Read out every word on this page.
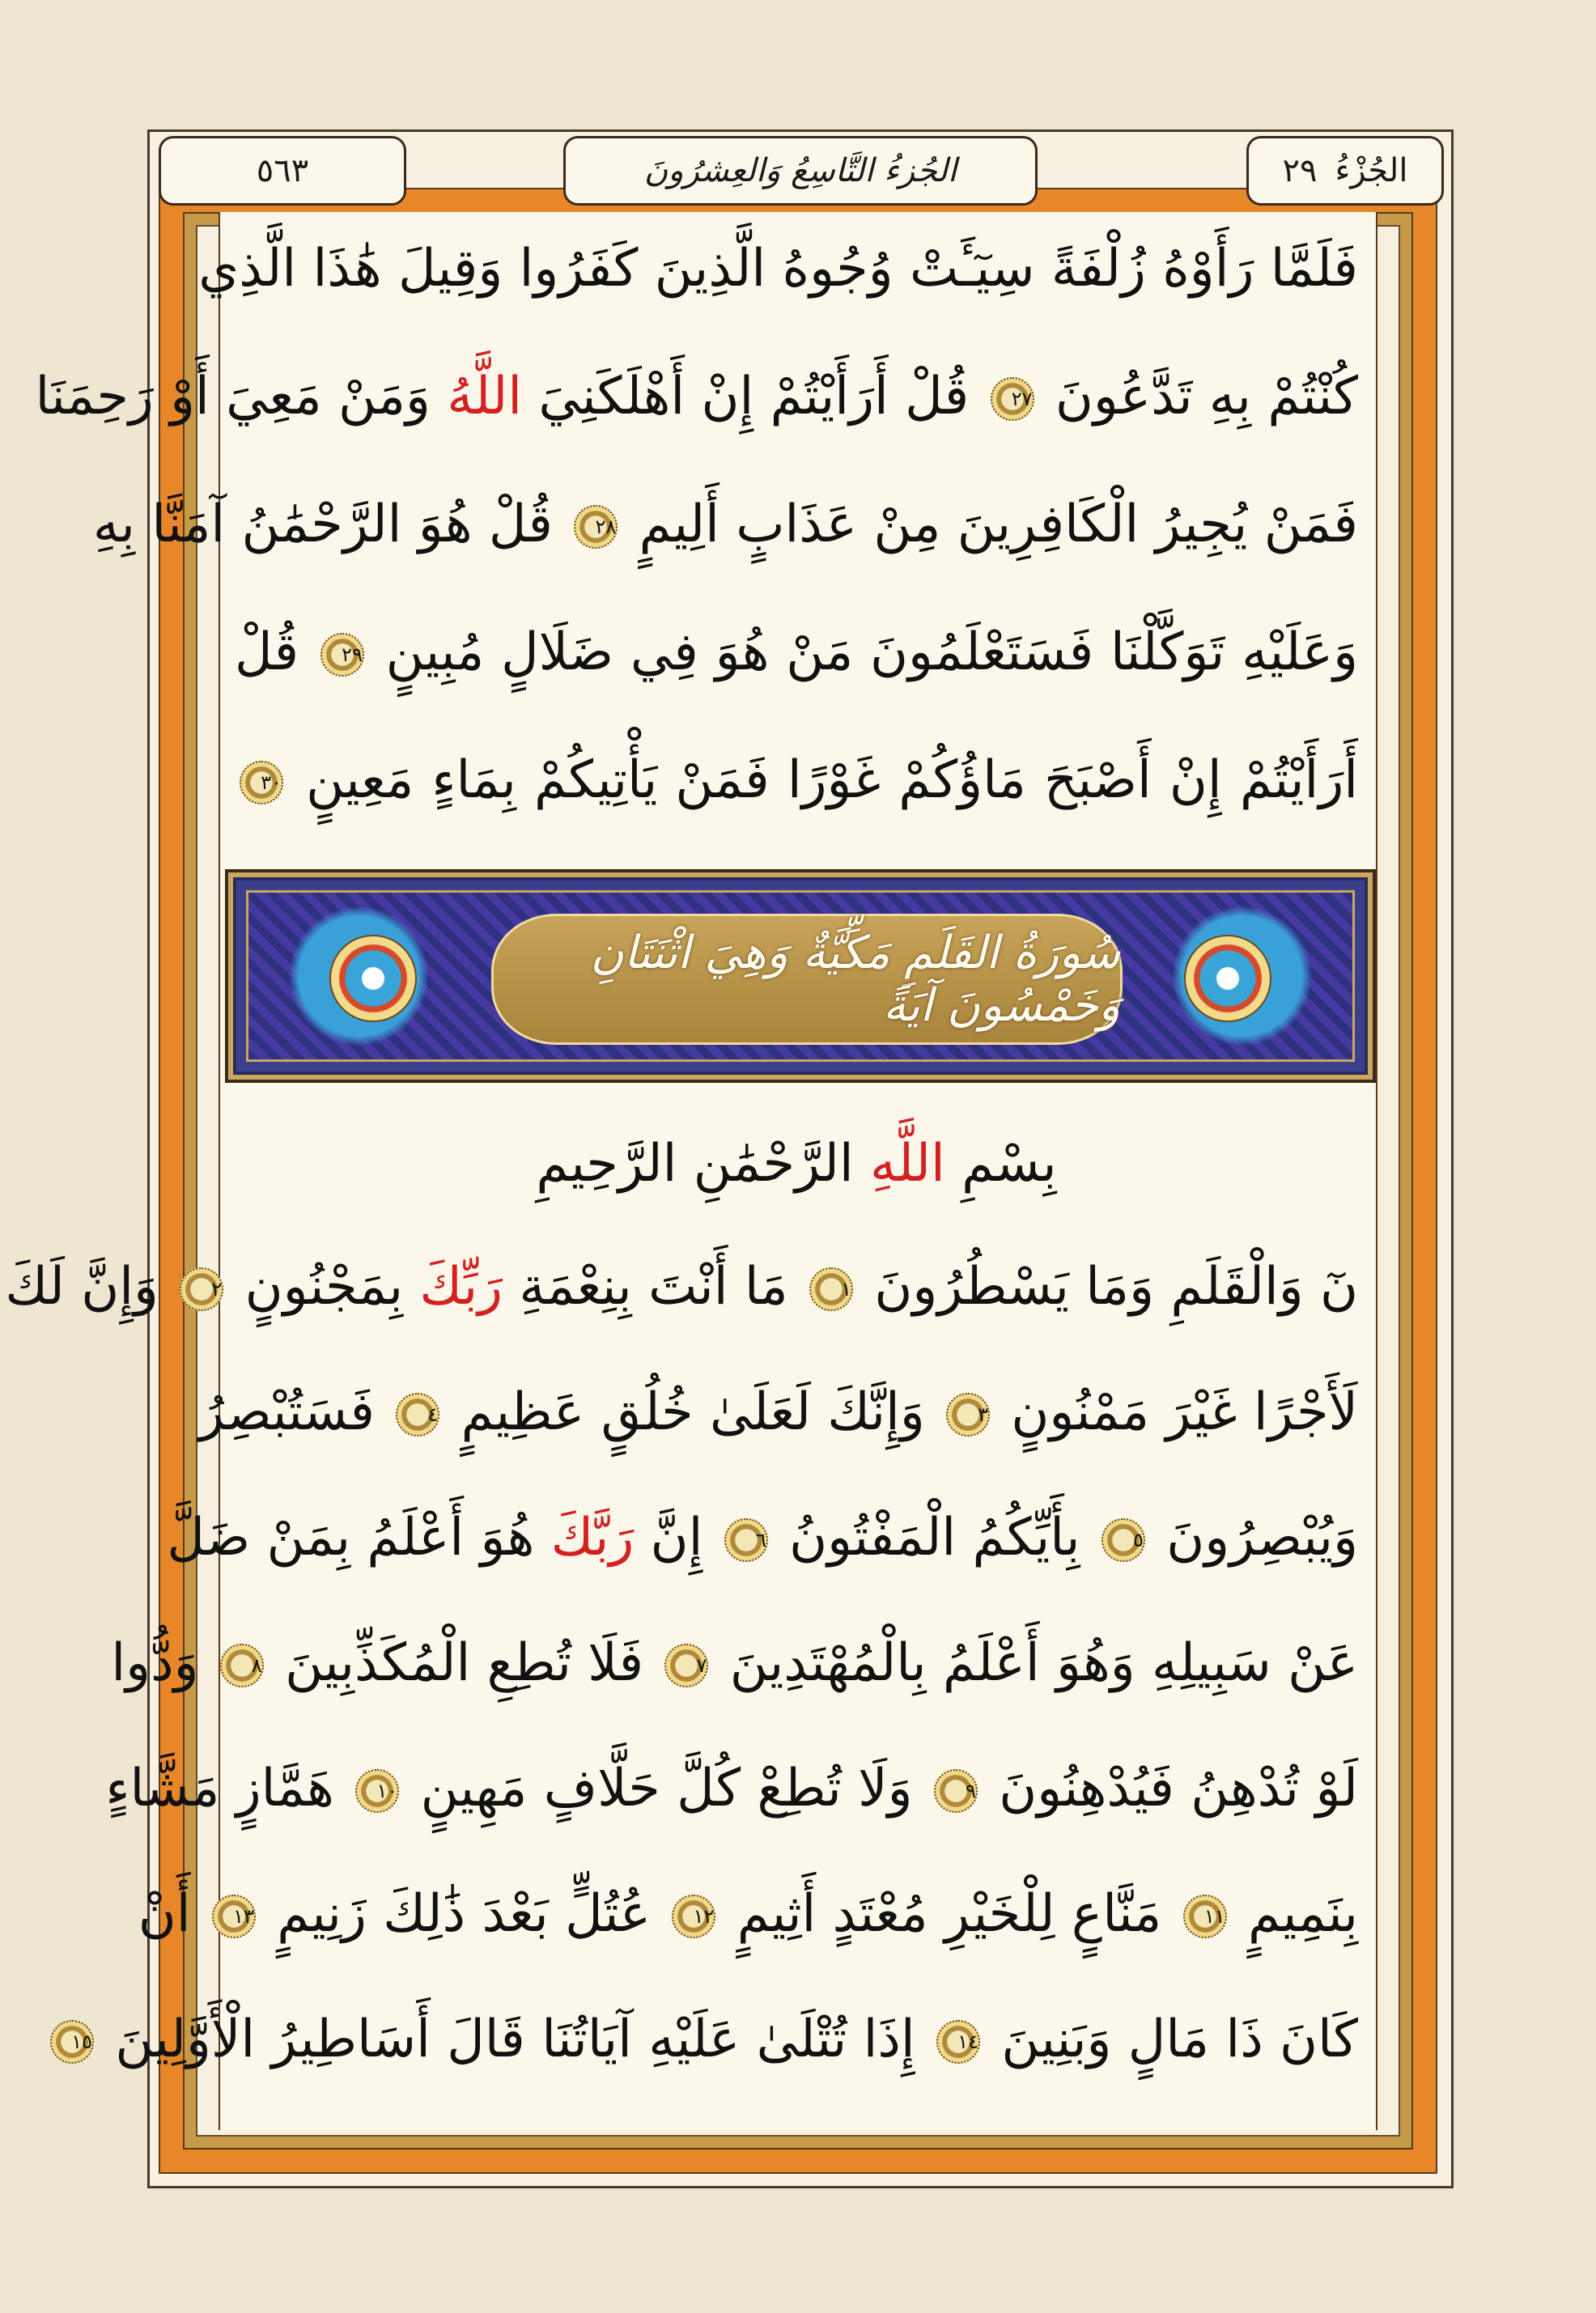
٥٦٣	الجُزءُ التَّاسِعُ وَالعِشرُونَ	الجُزْءُ
٢٩
فَلَمَّا رَأَوْهُ زُلْفَةً سِيٓـَٔتْ وُجُوهُ الَّذِينَ كَفَرُوا وَقِيلَ هَٰذَا الَّذِي
كُنْتُمْ بِهِ تَدَّعُونَ ٢٧ قُلْ أَرَأَيْتُمْ إِنْ أَهْلَكَنِيَ اللَّهُ وَمَنْ مَعِيَ أَوْ رَحِمَنَا
فَمَنْ يُجِيرُ الْكَافِرِينَ مِنْ عَذَابٍ أَلِيمٍ ٢٨ قُلْ هُوَ الرَّحْمَٰنُ آمَنَّا بِهِ
وَعَلَيْهِ تَوَكَّلْنَا فَسَتَعْلَمُونَ مَنْ هُوَ فِي ضَلَالٍ مُبِينٍ ٢٩ قُلْ
أَرَأَيْتُمْ إِنْ أَصْبَحَ مَاؤُكُمْ غَوْرًا فَمَنْ يَأْتِيكُمْ بِمَاءٍ مَعِينٍ ٣٠
سُورَةُ القَلَمِ مَكِّيَّةٌ وَهِيَ اثْنَتَانِ وَخَمْسُونَ آيَةً
بِسْمِ اللَّهِ الرَّحْمَٰنِ الرَّحِيمِ
نٓ وَالْقَلَمِ وَمَا يَسْطُرُونَ ١ مَا أَنْتَ بِنِعْمَةِ رَبِّكَ بِمَجْنُونٍ ٢ وَإِنَّ لَكَ
لَأَجْرًا غَيْرَ مَمْنُونٍ ٣ وَإِنَّكَ لَعَلَىٰ خُلُقٍ عَظِيمٍ ٤ فَسَتُبْصِرُ
وَيُبْصِرُونَ ٥ بِأَيِّكُمُ الْمَفْتُونُ ٦ إِنَّ رَبَّكَ هُوَ أَعْلَمُ بِمَنْ ضَلَّ
عَنْ سَبِيلِهِ وَهُوَ أَعْلَمُ بِالْمُهْتَدِينَ ٧ فَلَا تُطِعِ الْمُكَذِّبِينَ ٨ وَدُّوا
لَوْ تُدْهِنُ فَيُدْهِنُونَ ٩ وَلَا تُطِعْ كُلَّ حَلَّافٍ مَهِينٍ ١٠ هَمَّازٍ مَشَّاءٍ
بِنَمِيمٍ ١١ مَنَّاعٍ لِلْخَيْرِ مُعْتَدٍ أَثِيمٍ ١٢ عُتُلٍّ بَعْدَ ذَٰلِكَ زَنِيمٍ ١٣ أَنْ
كَانَ ذَا مَالٍ وَبَنِينَ ١٤ إِذَا تُتْلَىٰ عَلَيْهِ آيَاتُنَا قَالَ أَسَاطِيرُ الْأَوَّلِينَ ١٥
